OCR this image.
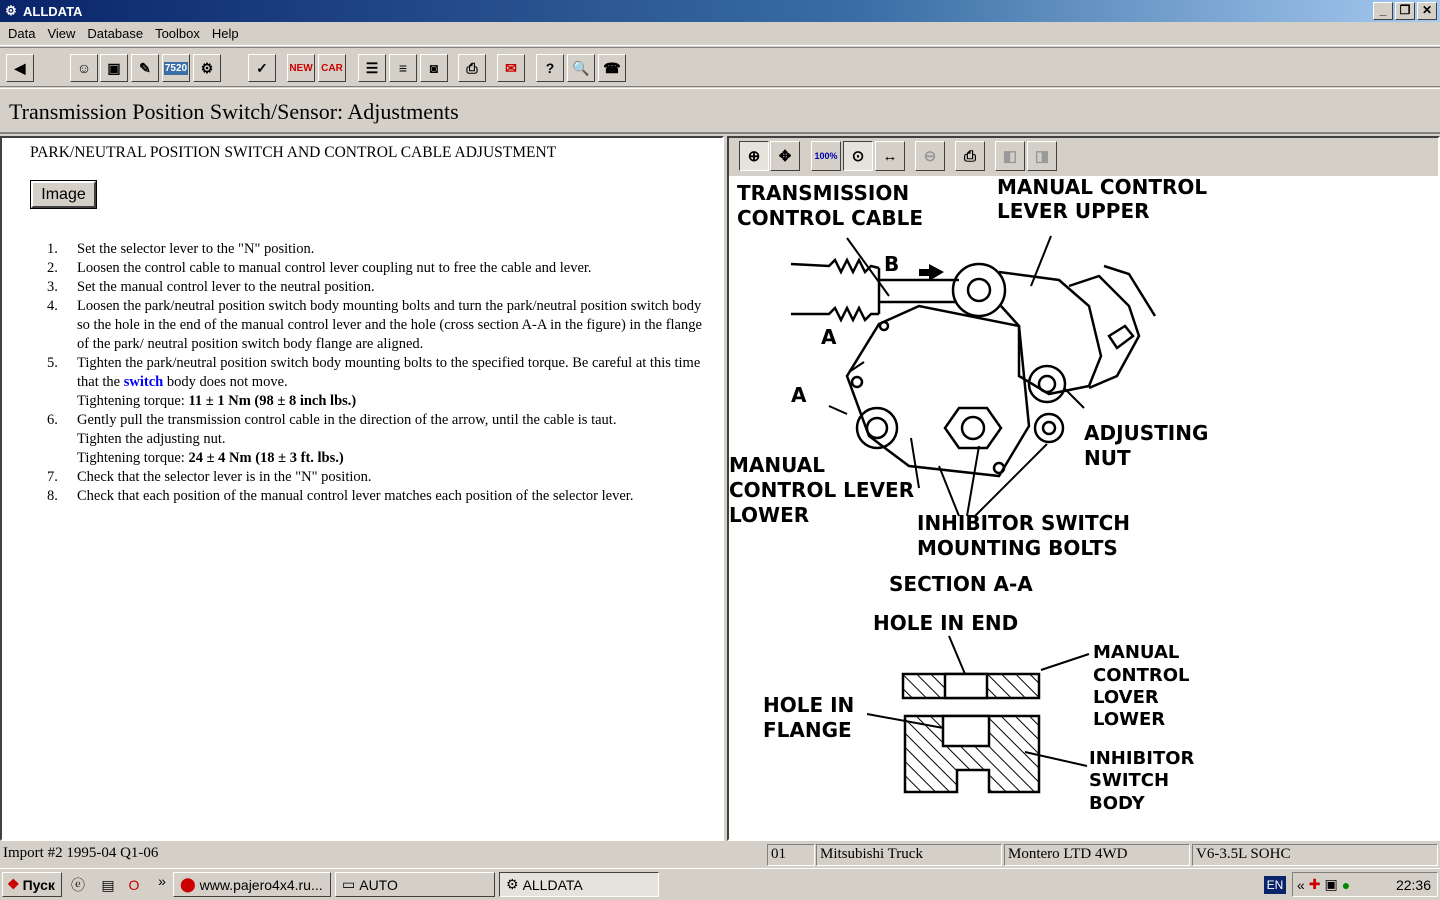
⚙ ALLDATA	_	❐ ✕
Data View Database Toolbox Help
◀	☺ ▣ ✎ 7520 ⚙	✓ NEW CAR ☰ ≡ ◙ ⎙ ✉ ? 🔍 ☎
Transmission Position Switch/Sensor: Adjustments
PARK/NEUTRAL POSITION SWITCH AND CONTROL CABLE ADJUSTMENT
Image
1.	Set the selector lever to the "N" position.
2.	Loosen the control cable to manual control lever coupling nut to free the cable and lever.
3.	Set the manual control lever to the neutral position.
4.	Loosen the park/neutral position switch body mounting bolts and turn the park/neutral position switch body so the hole in the end of the manual control lever and the hole (cross section A-A in the figure) in the flange of the park/ neutral position switch body flange are aligned.
5.	Tighten the park/neutral position switch body mounting bolts to the specified torque. Be careful at this time that the switch body does not move.
Tightening torque: 11 ± 1 Nm (98 ± 8 inch lbs.)
6.	Gently pull the transmission control cable in the direction of the arrow, until the cable is taut.
Tighten the adjusting nut.
Tightening torque: 24 ± 4 Nm (18 ± 3 ft. lbs.)
7.	Check that the selector lever is in the "N" position.
8.	Check that each position of the manual control lever matches each position of the selector lever.
⊕ ✥	100% ⊙ ↔ ⊖ ⎙ ◧ ◨
TRANSMISSION
CONTROL CABLE
MANUAL CONTROL
LEVER UPPER
B
A
A
ADJUSTING
NUT
MANUAL
CONTROL LEVER
LOWER	INHIBITOR SWITCH
MOUNTING BOLTS
SECTION A-A
HOLE IN END
HOLE IN
FLANGE
MANUAL
CONTROL
LOVER
LOWER
INHIBITOR
SWITCH
BODY
Import #2 1995-04 Q1-06	01	Mitsubishi Truck	Montero LTD 4WD	V6-3.5L SOHC
❖ Пуск ⓔ ▤ O	»	⬤ www.pajero4x4.ru... ▭ AUTO	⚙ ALLDATA	EN « ✚ ▣ ●	22:36
